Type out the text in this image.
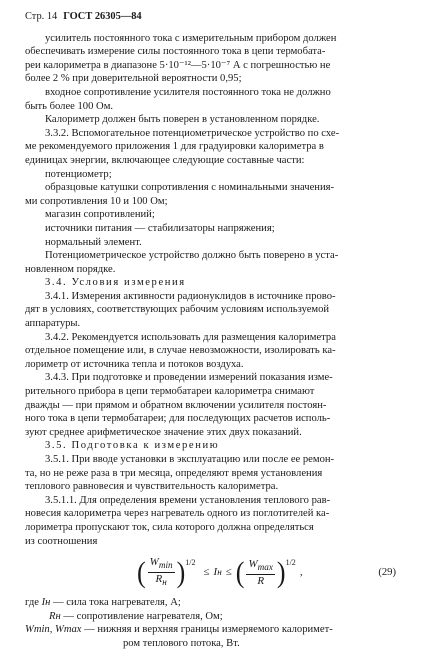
Стр. 14 ГОСТ 26305—84
усилитель постоянного тока с измерительным прибором должен
обеспечивать измерение силы постоянного тока в цепи термобата-
реи калориметра в диапазоне 5·10⁻¹²—5·10⁻⁷ А с погрешностью не
более 2 % при доверительной вероятности 0,95;
входное сопротивление усилителя постоянного тока не должно
быть более 100 Ом.
Калориметр должен быть поверен в установленном порядке.
3.3.2. Вспомогательное потенциометрическое устройство по схе-
ме рекомендуемого приложения 1 для градуировки калориметра в
единицах энергии, включающее следующие составные части:
потенциометр;
образцовые катушки сопротивления с номинальными значения-
ми сопротивления 10 и 100 Ом;
магазин сопротивлений;
источники питания — стабилизаторы напряжения;
нормальный элемент.
Потенциометрическое устройство должно быть поверено в уста-
новленном порядке.
3.4. Условия измерения
3.4.1. Измерения активности радионуклидов в источнике прово-
дят в условиях, соответствующих рабочим условиям используемой
аппаратуры.
3.4.2. Рекомендуется использовать для размещения калориметра
отдельное помещение или, в случае невозможности, изолировать ка-
лориметр от источника тепла и потоков воздуха.
3.4.3. При подготовке и проведении измерений показания изме-
рительного прибора в цепи термобатареи калориметра снимают
дважды — при прямом и обратном включении усилителя постоян-
ного тока в цепи термобатареи; для последующих расчетов исполь-
зуют среднее арифметическое значение этих двух показаний.
3.5. Подготовка к измерению
3.5.1. При вводе установки в эксплуатацию или после ее ремон-
та, но не реже раза в три месяца, определяют время установления
теплового равновесия и чувствительность калориметра.
3.5.1.1. Для определения времени установления теплового рав-
новесия калориметра через нагреватель одного из поглотителей ка-
лориметра пропускают ток, сила которого должна определяться
из соотношения
( $\frac{W_{min}}{R_н}$ ) 1/2
≤ I н ≤ ( $\frac{W_{max}}{R}$ ) 1/2
,	(29)
где Iн — сила тока нагревателя, А;
Rн — сопротивление нагревателя, Ом;
Wmin, Wmax — нижняя и верхняя границы измеряемого калоримет-
ром теплового потока, Вт.
